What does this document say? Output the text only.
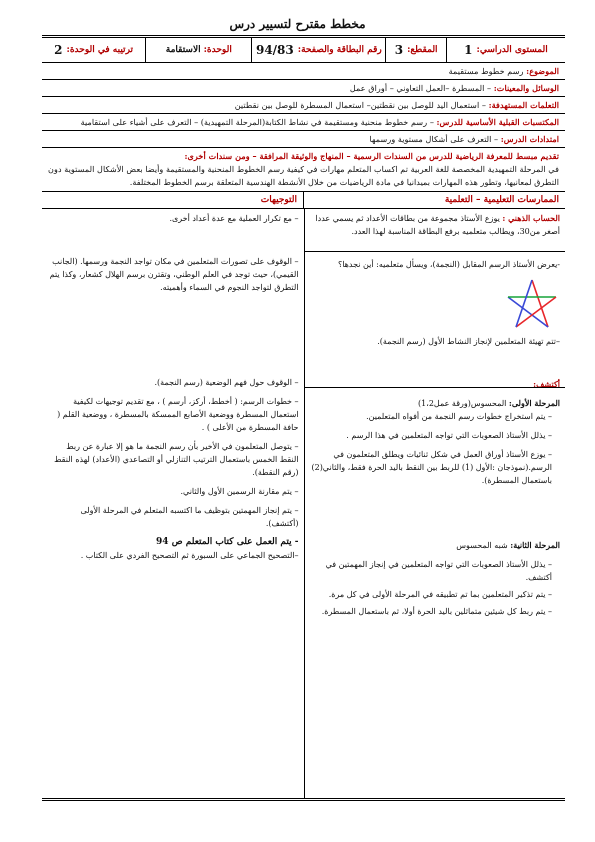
مخطط مقترح لتسيير درس
المستوى الدراسي:
1
المقطع:
3
رقم البطاقة والصفحة:
94/83
الوحدة:
الاستقامة
ترتيبه في الوحدة:
2
الموضوع: رسم خطوط مستقيمة
الوسائل والمعينات: – المسطرة –العمل التعاوني – أوراق عمل
التعلمات المستهدفة: – استعمال اليد للوصل بين نقطتين– استعمال المسطرة للوصل بين نقطتين
المكتسبات القبلية الأساسية للدرس: – رسم خطوط منحنية ومستقيمة في نشاط الكتابة(المرحلة التمهيدية) – التعرف على أشياء على استقامية
امتدادات الدرس: – التعرف على أشكال مستوية ورسمها
تقديم مبسط للمعرفة الرياضية للدرس من السندات الرسمية – المنهاج والوثيقة المرافقة – ومن سندات أخرى:
في المرحلة التمهيدية المخصصة للغة العربية تم اكساب المتعلم مهارات في كيفية رسم الخطوط المنحنية والمستقيمة وأيضا بعض الأشكال المستوية دون التطرق لمعانيها، وتطور هذه المهارات بميدانيا في مادة الرياضيات من خلال الأنشطة الهندسية المتعلقة برسم الخطوط المختلفة.
الممارسات التعليمية – التعلمية
التوجيهات

الحساب الذهني : يوزع الأستاذ مجموعة من بطاقات الأعداد ثم يسمي عددا أصغر من30، ويطالب متعلميه برفع البطاقة المناسبة لهذا العدد.

-يعرض الأستاذ الرسم المقابل (النجمة)، ويسأل متعلميه: أين نجدها؟

–تتم تهيئة المتعلمين لإنجاز النشاط الأول (رسم النجمة).

أكتشف:

المرحلة الأولى: المحسوس(ورقة عمل1،2)

– يتم استخراج خطوات رسم النجمة من أفواه المتعلمين.

– يذلل الأستاذ الصعوبات التي تواجه المتعلمين في هذا الرسم .

– يوزع الأستاذ أوراق العمل في شكل ثنائيات ويطلق المتعلمون في الرسم.(نموذجان :الأول (1) للربط بين النقط باليد الحرة فقط، والثاني(2) باستعمال المسطرة).

المرحلة الثانية: شبه المحسوس

– يذلل الأستاذ الصعوبات التي تواجه المتعلمين في إنجاز المهمتين في أكتشف.

– يتم تذكير المتعلمين بما تم تطبيقه في المرحلة الأولى في كل مرة.

– يتم ربط كل شيئين متماثلين باليد الحرة أولا، ثم باستعمال المسطرة.

– مع تكرار العملية مع عدة أعداد أخرى.

– الوقوف على تصورات المتعلمين في مكان تواجد النجمة ورسمها. (الجانب القيمي)، حيث توجد في العلم الوطني، وتقترن برسم الهلال كشعار، وكذا يتم التطرق لتواجد النجوم في السماء وأهميته.

– الوقوف حول فهم الوضعية (رسم النجمة).

– خطوات الرسم: ( أخطط، أركز، أرسم ) ، مع تقديم توجيهات لكيفية استعمال المسطرة ووضعية الأصابع الممسكة بالمسطرة ، ووضعية القلم ( حافة المسطرة من الأعلى ) .

– يتوصل المتعلمون في الأخير بأن رسم النجمة ما هو إلا عبارة عن ربط النقط الخمس باستعمال الترتيب التنازلي أو التصاعدي (الأعداد) لهذه النقط (رقم النقطة).

– يتم مقارنة الرسمين الأول والثاني.

– يتم إنجاز المهمتين بتوظيف ما اكتسبه المتعلم في المرحلة الأولى (أكتشف).

- يتم العمل على كتاب المتعلم ص 94

–التصحيح الجماعي على السبورة ثم التصحيح الفردي على الكتاب .
